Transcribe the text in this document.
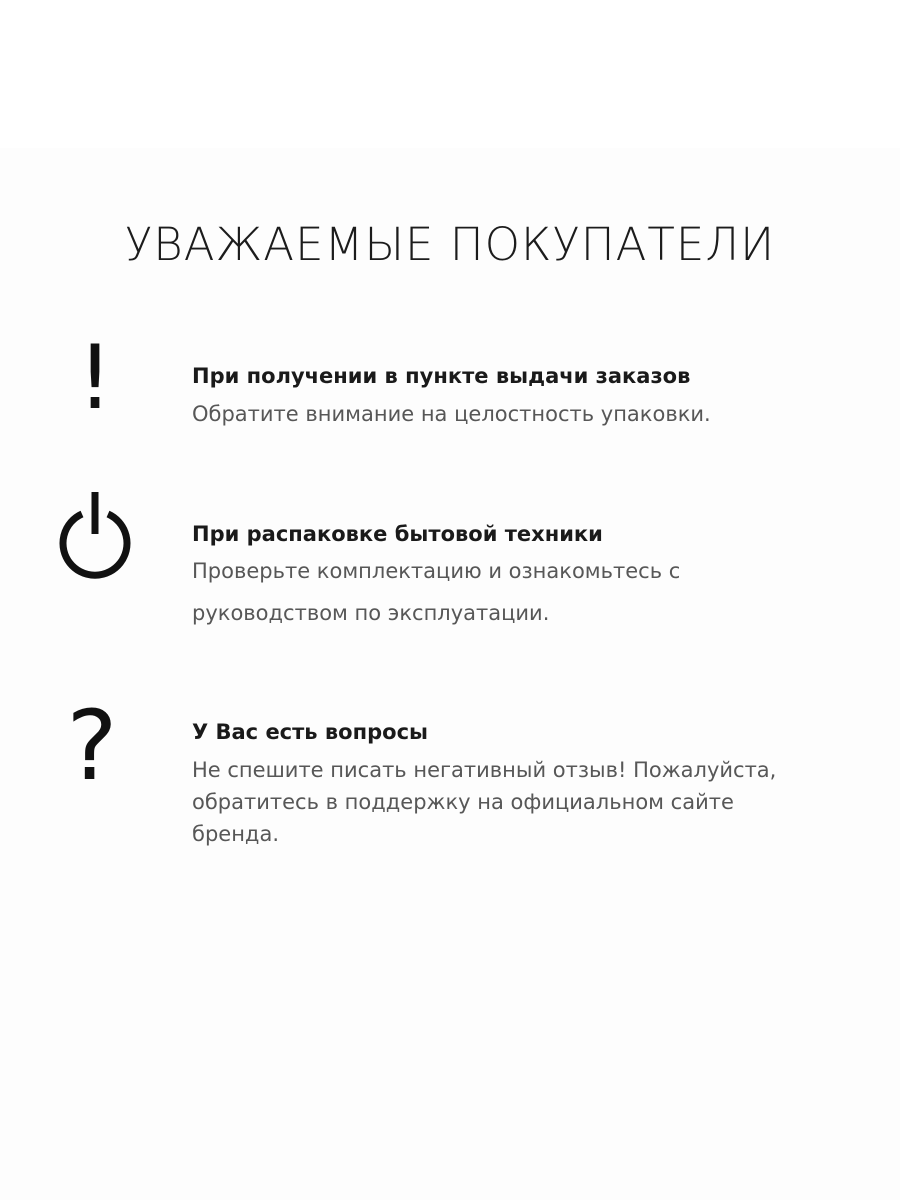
УВАЖАЕМЫЕ ПОКУПАТЕЛИ
!	При получении в пункте выдачи заказов
Обратите внимание на целостность упаковки.
При распаковке бытовой техники
Проверьте комплектацию и ознакомьтесь с
руководством по эксплуатации.
?	У Вас есть вопросы
Не спешите писать негативный отзыв! Пожалуйста,
обратитесь в поддержку на официальном сайте
бренда.
